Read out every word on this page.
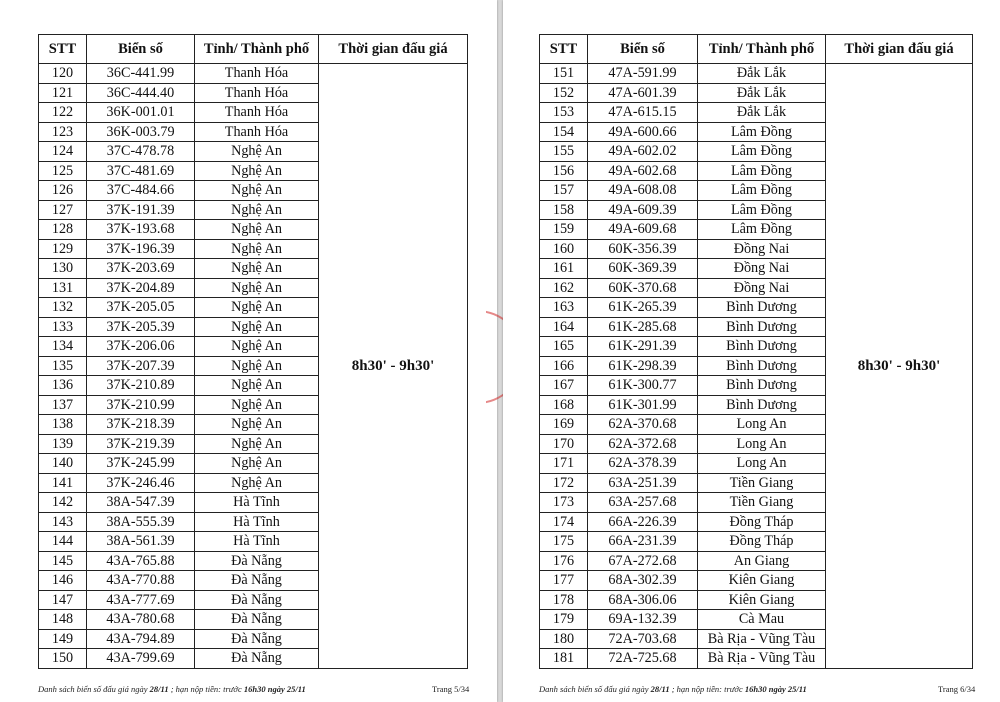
STT	Biển số	Tỉnh/ Thành phố	Thời gian đấu giá
120	36C-441.99	Thanh Hóa	8h30' - 9h30'
121	36C-444.40	Thanh Hóa	
122	36K-001.01	Thanh Hóa	
123	36K-003.79	Thanh Hóa	
124	37C-478.78	Nghệ An	
125	37C-481.69	Nghệ An	
126	37C-484.66	Nghệ An	
127	37K-191.39	Nghệ An	
128	37K-193.68	Nghệ An	
129	37K-196.39	Nghệ An	
130	37K-203.69	Nghệ An	
131	37K-204.89	Nghệ An	
132	37K-205.05	Nghệ An	
133	37K-205.39	Nghệ An	
134	37K-206.06	Nghệ An	
135	37K-207.39	Nghệ An	
136	37K-210.89	Nghệ An	
137	37K-210.99	Nghệ An	
138	37K-218.39	Nghệ An	
139	37K-219.39	Nghệ An	
140	37K-245.99	Nghệ An	
141	37K-246.46	Nghệ An	
142	38A-547.39	Hà Tĩnh	
143	38A-555.39	Hà Tĩnh	
144	38A-561.39	Hà Tĩnh	
145	43A-765.88	Đà Nẵng	
146	43A-770.88	Đà Nẵng	
147	43A-777.69	Đà Nẵng	
148	43A-780.68	Đà Nẵng	
149	43A-794.89	Đà Nẵng	
150	43A-799.69	Đà Nẵng	
Danh sách biển số đấu giá ngày 28/11 ; hạn nộp tiền: trước 16h30 ngày 25/11	Trang 5/34
STT	Biển số	Tỉnh/ Thành phố	Thời gian đấu giá
151	47A-591.99	Đắk Lắk	8h30' - 9h30'
152	47A-601.39	Đắk Lắk	
153	47A-615.15	Đắk Lắk	
154	49A-600.66	Lâm Đồng	
155	49A-602.02	Lâm Đồng	
156	49A-602.68	Lâm Đồng	
157	49A-608.08	Lâm Đồng	
158	49A-609.39	Lâm Đồng	
159	49A-609.68	Lâm Đồng	
160	60K-356.39	Đồng Nai	
161	60K-369.39	Đồng Nai	
162	60K-370.68	Đồng Nai	
163	61K-265.39	Bình Dương	
164	61K-285.68	Bình Dương	
165	61K-291.39	Bình Dương	
166	61K-298.39	Bình Dương	
167	61K-300.77	Bình Dương	
168	61K-301.99	Bình Dương	
169	62A-370.68	Long An	
170	62A-372.68	Long An	
171	62A-378.39	Long An	
172	63A-251.39	Tiền Giang	
173	63A-257.68	Tiền Giang	
174	66A-226.39	Đồng Tháp	
175	66A-231.39	Đồng Tháp	
176	67A-272.68	An Giang	
177	68A-302.39	Kiên Giang	
178	68A-306.06	Kiên Giang	
179	69A-132.39	Cà Mau	
180	72A-703.68	Bà Rịa - Vũng Tàu	
181	72A-725.68	Bà Rịa - Vũng Tàu	
Danh sách biển số đấu giá ngày 28/11 ; hạn nộp tiền: trước 16h30 ngày 25/11	Trang 6/34
